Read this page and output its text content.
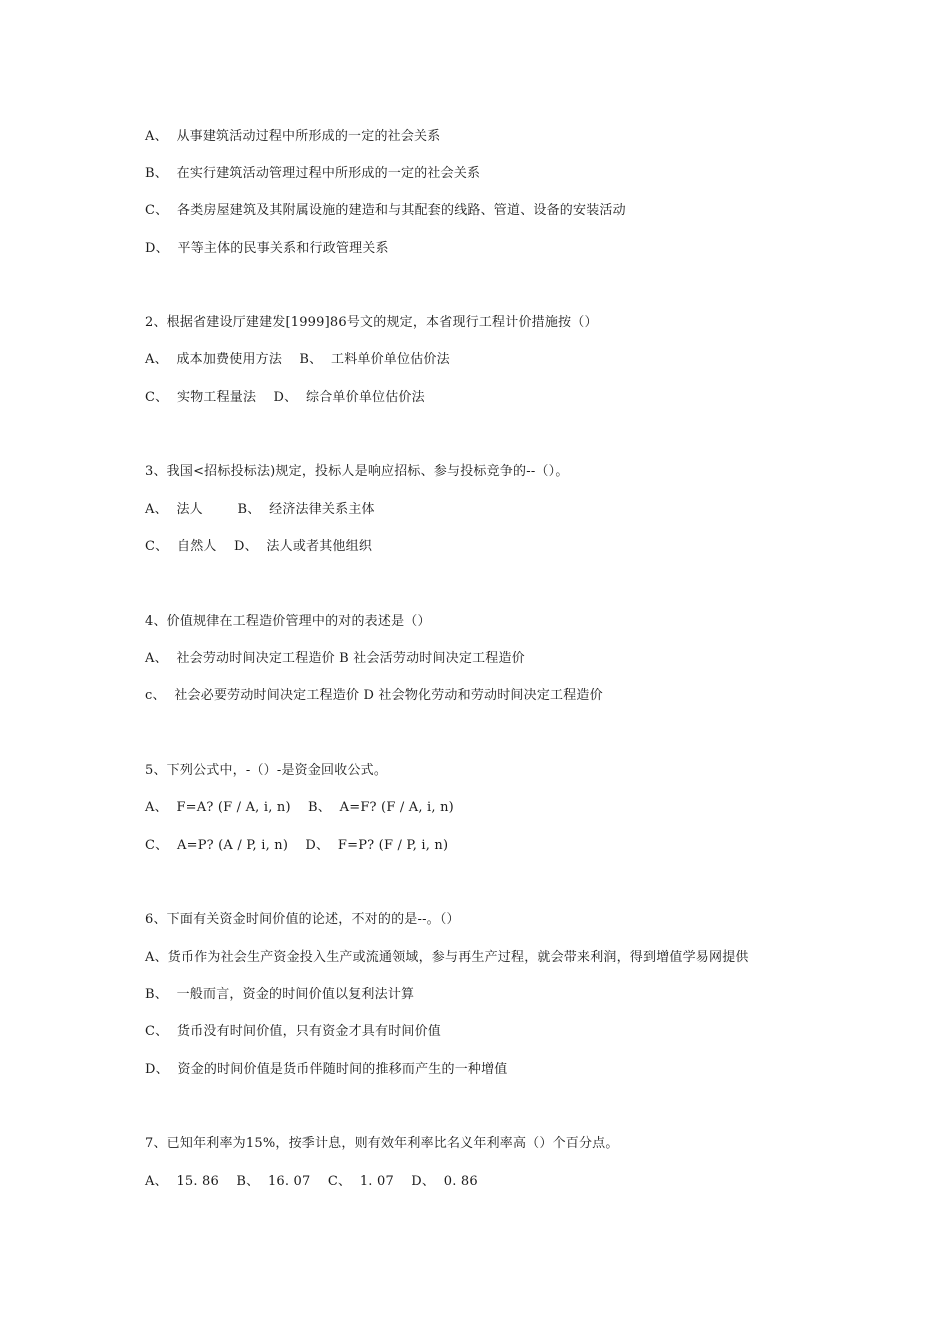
A、  从事建筑活动过程中所形成的一定的社会关系
B、  在实行建筑活动管理过程中所形成的一定的社会关系
C、  各类房屋建筑及其附属设施的建造和与其配套的线路、管道、设备的安装活动
D、  平等主体的民事关系和行政管理关系
2、根据省建设厅建建发[1999]86号文的规定，本省现行工程计价措施按（）
A、  成本加费使用方法    B、  工料单价单位估价法
C、  实物工程量法    D、  综合单价单位估价法
3、我国<招标投标法)规定，投标人是响应招标、参与投标竞争的--（）。
A、  法人        B、  经济法律关系主体
C、  自然人    D、  法人或者其他组织
4、价值规律在工程造价管理中的对的表述是（）
A、  社会劳动时间决定工程造价 B 社会活劳动时间决定工程造价
c、  社会必要劳动时间决定工程造价 D 社会物化劳动和劳动时间决定工程造价
5、下列公式中，-（）-是资金回收公式。
A、  F=A? (F / A, i, n)    B、  A=F? (F / A, i, n)
C、  A=P? (A / P, i, n)    D、  F=P? (F / P, i, n)
6、下面有关资金时间价值的论述，不对的的是--。（）
A、货币作为社会生产资金投入生产或流通领域，参与再生产过程，就会带来利润，得到增值学易网提供
B、  一般而言，资金的时间价值以复利法计算
C、  货币没有时间价值，只有资金才具有时间价值
D、  资金的时间价值是货币伴随时间的推移而产生的一种增值
7、已知年利率为15%，按季计息，则有效年利率比名义年利率高（）个百分点。
A、  15. 86    B、  16. 07    C、  1. 07    D、  0. 86
